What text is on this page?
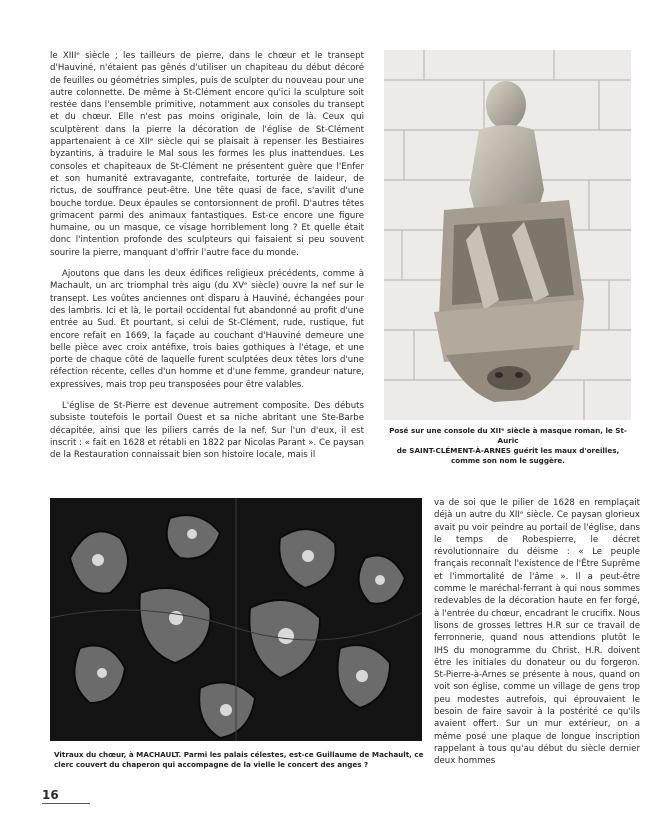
le XIIIᵉ siècle ; les tailleurs de pierre, dans le chœur et le transept d'Hauviné, n'étaient pas gênés d'utiliser un chapiteau du début décoré de feuilles ou géométries simples, puis de sculpter du nouveau pour une autre colonnette. De même à St-Clément encore qu'ici la sculpture soit restée dans l'ensemble primitive, notamment aux consoles du transept et du chœur. Elle n'est pas moins originale, loin de là. Ceux qui sculptèrent dans la pierre la décoration de l'église de St-Clément appartenaient à ce XIIᵉ siècle qui se plaisait à repenser les Bestiaires byzantins, à traduire le Mal sous les formes les plus inattendues. Les consoles et chapiteaux de St-Clément ne présentent guère que l'Enfer et son humanité extravagante, contrefaite, torturée de laideur, de rictus, de souffrance peut-être. Une tête quasi de face, s'avilit d'une bouche tordue. Deux épaules se contorsionnent de profil. D'autres têtes grimacent parmi des animaux fantastiques. Est-ce encore une figure humaine, ou un masque, ce visage horriblement long ? Et quelle était donc l'intention profonde des sculpteurs qui faisaient si peu souvent sourire la pierre, manquant d'offrir l'autre face du monde.

Ajoutons que dans les deux édifices religieux précédents, comme à Machault, un arc triomphal très aigu (du XVᵉ siècle) ouvre la nef sur le transept. Les voûtes anciennes ont disparu à Hauviné, échangées pour des lambris. Ici et là, le portail occidental fut abandonné au profit d'une entrée au Sud. Et pourtant, si celui de St-Clément, rude, rustique, fut encore refait en 1669, la façade au couchant d'Hauviné demeure une belle pièce avec croix antéfixe, trois baies gothiques à l'étage, et une porte de chaque côté de laquelle furent sculptées deux têtes lors d'une réfection récente, celles d'un homme et d'une femme, grandeur nature, expressives, mais trop peu transposées pour être valables.

L'église de St-Pierre est devenue autrement composite. Des débuts subsiste toutefois le portail Ouest et sa niche abritant une Ste-Barbe décapitée, ainsi que les piliers carrés de la nef. Sur l'un d'eux, il est inscrit : « fait en 1628 et rétabli en 1822 par Nicolas Parant ». Ce paysan de la Restauration connaissait bien son histoire locale, mais il

Posé sur une console du XIIᵉ siècle à masque roman, le St-Auric
de SAINT-CLÉMENT-À-ARNES guérit les maux d'oreilles,
comme son nom le suggère.
Vitraux du chœur, à MACHAULT. Parmi les palais célestes, est-ce Guillaume de Machault, ce clerc couvert du chaperon qui accompagne de la vielle le concert des anges ?

va de soi que le pilier de 1628 en remplaçait déjà un autre du XIIᵉ siècle. Ce paysan glorieux avait pu voir peindre au portail de l'église, dans le temps de Robespierre, le décret révolutionnaire du déisme : « Le peuple français reconnaît l'existence de l'Être Suprême et l'immortalité de l'âme ». Il a peut-être comme le maréchal-ferrant à qui nous sommes redevables de la décoration haute en fer forgé, à l'entrée du chœur, encadrant le crucifix. Nous lisons de grosses lettres H.R sur ce travail de ferronnerie, quand nous attendions plutôt le IHS du monogramme du Christ. H.R. doivent être les initiales du donateur ou du forgeron. St-Pierre-à-Arnes se présente à nous, quand on voit son église, comme un village de gens trop peu modestes autrefois, qui éprouvaient le besoin de faire savoir à la postérité ce qu'ils avaient offert. Sur un mur extérieur, on a même posé une plaque de longue inscription rappelant à tous qu'au début du siècle dernier deux hommes

16
